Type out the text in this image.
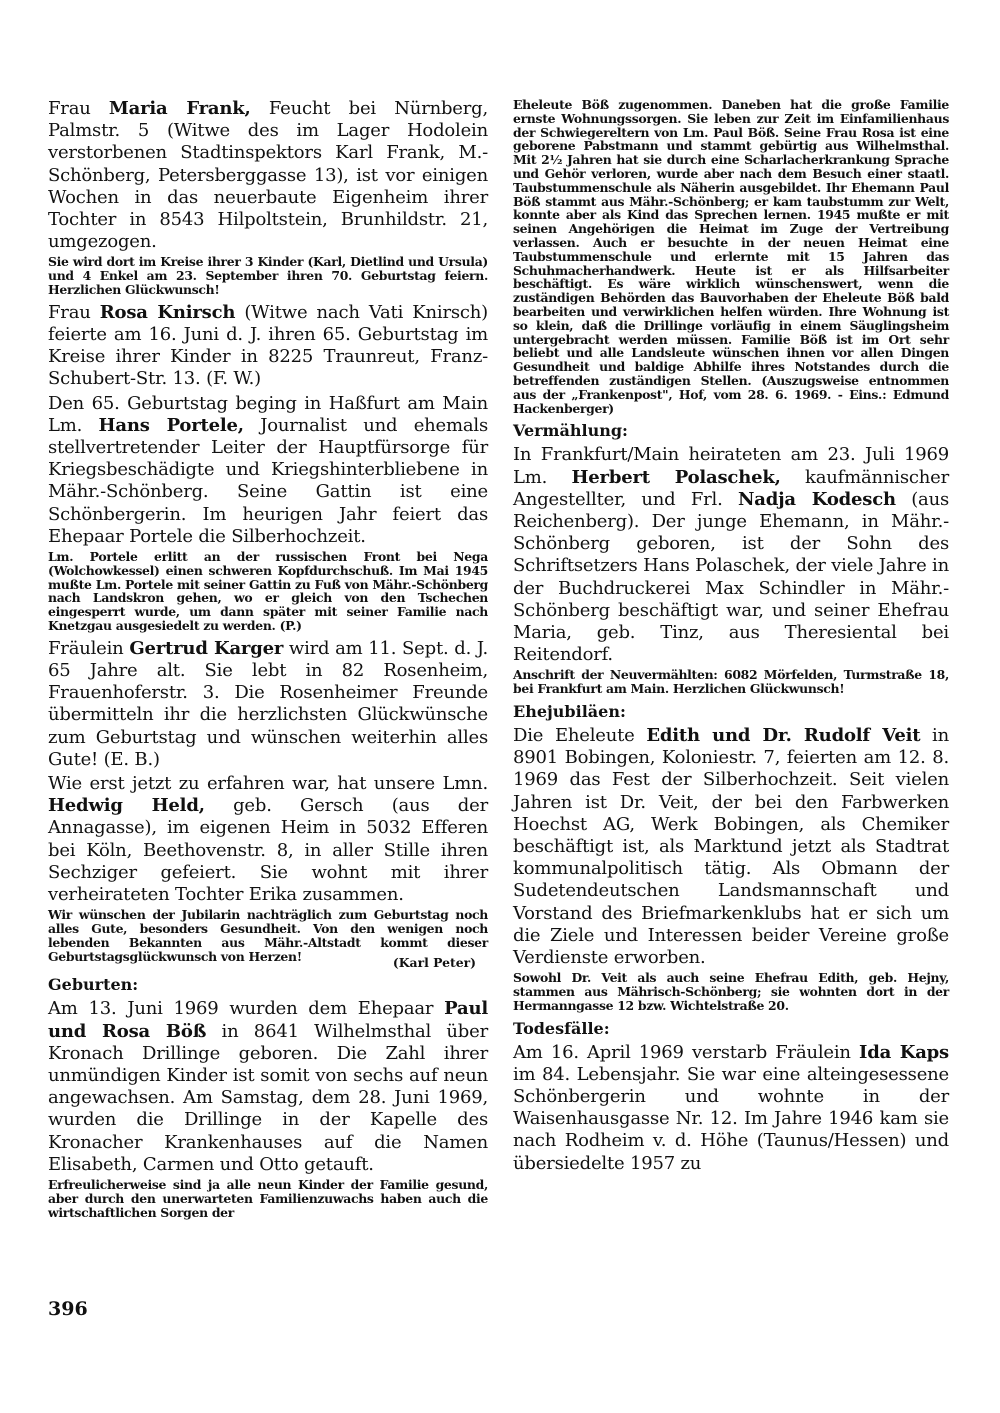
Frau Maria Frank, Feucht bei Nürnberg, Palmstr. 5 (Witwe des im Lager Hodolein verstorbenen Stadtinspektors Karl Frank, M.-Schönberg, Petersberggasse 13), ist vor einigen Wochen in das neuerbaute Eigenheim ihrer Tochter in 8543 Hilpoltstein, Brunhildstr. 21, umgezogen.

Sie wird dort im Kreise ihrer 3 Kinder (Karl, Dietlind und Ursula) und 4 Enkel am 23. September ihren 70. Geburtstag feiern. Herzlichen Glückwunsch!

Frau Rosa Knirsch (Witwe nach Vati Knirsch) feierte am 16. Juni d. J. ihren 65. Geburtstag im Kreise ihrer Kinder in 8225 Traunreut, Franz-Schubert-Str. 13. (F. W.)

Den 65. Geburtstag beging in Haßfurt am Main Lm. Hans Portele, Journalist und ehemals stellvertretender Leiter der Hauptfürsorge für Kriegsbeschädigte und Kriegshinterbliebene in Mähr.-Schönberg. Seine Gattin ist eine Schönbergerin. Im heurigen Jahr feiert das Ehepaar Portele die Silberhochzeit.

Lm. Portele erlitt an der russischen Front bei Nega (Wolchowkessel) einen schweren Kopfdurchschuß. Im Mai 1945 mußte Lm. Portele mit seiner Gattin zu Fuß von Mähr.-Schönberg nach Landskron gehen, wo er gleich von den Tschechen eingesperrt wurde, um dann später mit seiner Familie nach Knetzgau ausgesiedelt zu werden. (P.)

Fräulein Gertrud Karger wird am 11. Sept. d. J. 65 Jahre alt. Sie lebt in 82 Rosenheim, Frauenhoferstr. 3. Die Rosenheimer Freunde übermitteln ihr die herzlichsten Glückwünsche zum Geburtstag und wünschen weiterhin alles Gute! (E. B.)

Wie erst jetzt zu erfahren war, hat unsere Lmn. Hedwig Held, geb. Gersch (aus der Annagasse), im eigenen Heim in 5032 Efferen bei Köln, Beethovenstr. 8, in aller Stille ihren Sechziger gefeiert. Sie wohnt mit ihrer verheirateten Tochter Erika zusammen.

Wir wünschen der Jubilarin nachträglich zum Geburtstag noch alles Gute, besonders Gesundheit. Von den wenigen noch lebenden Bekannten aus Mähr.-Altstadt kommt dieser Geburtstagsglückwunsch von Herzen!	(Karl Peter)

Geburten:

Am 13. Juni 1969 wurden dem Ehepaar Paul und Rosa Böß in 8641 Wilhelmsthal über Kronach Drillinge geboren. Die Zahl ihrer unmündigen Kinder ist somit von sechs auf neun angewachsen. Am Samstag, dem 28. Juni 1969, wurden die Drillinge in der Kapelle des Kronacher Krankenhauses auf die Namen Elisabeth, Carmen und Otto getauft.

Erfreulicherweise sind ja alle neun Kinder der Familie gesund, aber durch den unerwarteten Familienzuwachs haben auch die wirtschaftlichen Sorgen der

Eheleute Böß zugenommen. Daneben hat die große Familie ernste Wohnungssorgen. Sie leben zur Zeit im Einfamilienhaus der Schwiegereltern von Lm. Paul Böß. Seine Frau Rosa ist eine geborene Pabstmann und stammt gebürtig aus Wilhelmsthal. Mit 2½ Jahren hat sie durch eine Scharlacherkrankung Sprache und Gehör verloren, wurde aber nach dem Besuch einer staatl. Taubstummenschule als Näherin ausgebildet. Ihr Ehemann Paul Böß stammt aus Mähr.-Schönberg; er kam taubstumm zur Welt, konnte aber als Kind das Sprechen lernen. 1945 mußte er mit seinen Angehörigen die Heimat im Zuge der Vertreibung verlassen. Auch er besuchte in der neuen Heimat eine Taubstummenschule und erlernte mit 15 Jahren das Schuhmacherhandwerk. Heute ist er als Hilfsarbeiter beschäftigt. Es wäre wirklich wünschenswert, wenn die zuständigen Behörden das Bauvorhaben der Eheleute Böß bald bearbeiten und verwirklichen helfen würden. Ihre Wohnung ist so klein, daß die Drillinge vorläufig in einem Säuglingsheim untergebracht werden müssen. Familie Böß ist im Ort sehr beliebt und alle Landsleute wünschen ihnen vor allen Dingen Gesundheit und baldige Abhilfe ihres Notstandes durch die betreffenden zuständigen Stellen. (Auszugsweise entnommen aus der „Frankenpost", Hof, vom 28. 6. 1969. - Eins.: Edmund Hackenberger)

Vermählung:

In Frankfurt/Main heirateten am 23. Juli 1969 Lm. Herbert Polaschek, kaufmännischer Angestellter, und Frl. Nadja Kodesch (aus Reichenberg). Der junge Ehemann, in Mähr.-Schönberg geboren, ist der Sohn des Schriftsetzers Hans Polaschek, der viele Jahre in der Buchdruckerei Max Schindler in Mähr.-Schönberg beschäftigt war, und seiner Ehefrau Maria, geb. Tinz, aus Theresiental bei Reitendorf.

Anschrift der Neuvermählten: 6082 Mörfelden, Turmstraße 18, bei Frankfurt am Main. Herzlichen Glückwunsch!

Ehejubiläen:

Die Eheleute Edith und Dr. Rudolf Veit in 8901 Bobingen, Koloniestr. 7, feierten am 12. 8. 1969 das Fest der Silberhochzeit. Seit vielen Jahren ist Dr. Veit, der bei den Farbwerken Hoechst AG, Werk Bobingen, als Chemiker beschäftigt ist, als Marktund jetzt als Stadtrat kommunalpolitisch tätig. Als Obmann der Sudetendeutschen Landsmannschaft und Vorstand des Briefmarkenklubs hat er sich um die Ziele und Interessen beider Vereine große Verdienste erworben.

Sowohl Dr. Veit als auch seine Ehefrau Edith, geb. Hejny, stammen aus Mährisch-Schönberg; sie wohnten dort in der Hermanngasse 12 bzw. Wichtelstraße 20.

Todesfälle:

Am 16. April 1969 verstarb Fräulein Ida Kaps im 84. Lebensjahr. Sie war eine alteingesessene Schönbergerin und wohnte in der Waisenhausgasse Nr. 12. Im Jahre 1946 kam sie nach Rodheim v. d. Höhe (Taunus/Hessen) und übersiedelte 1957 zu

396
